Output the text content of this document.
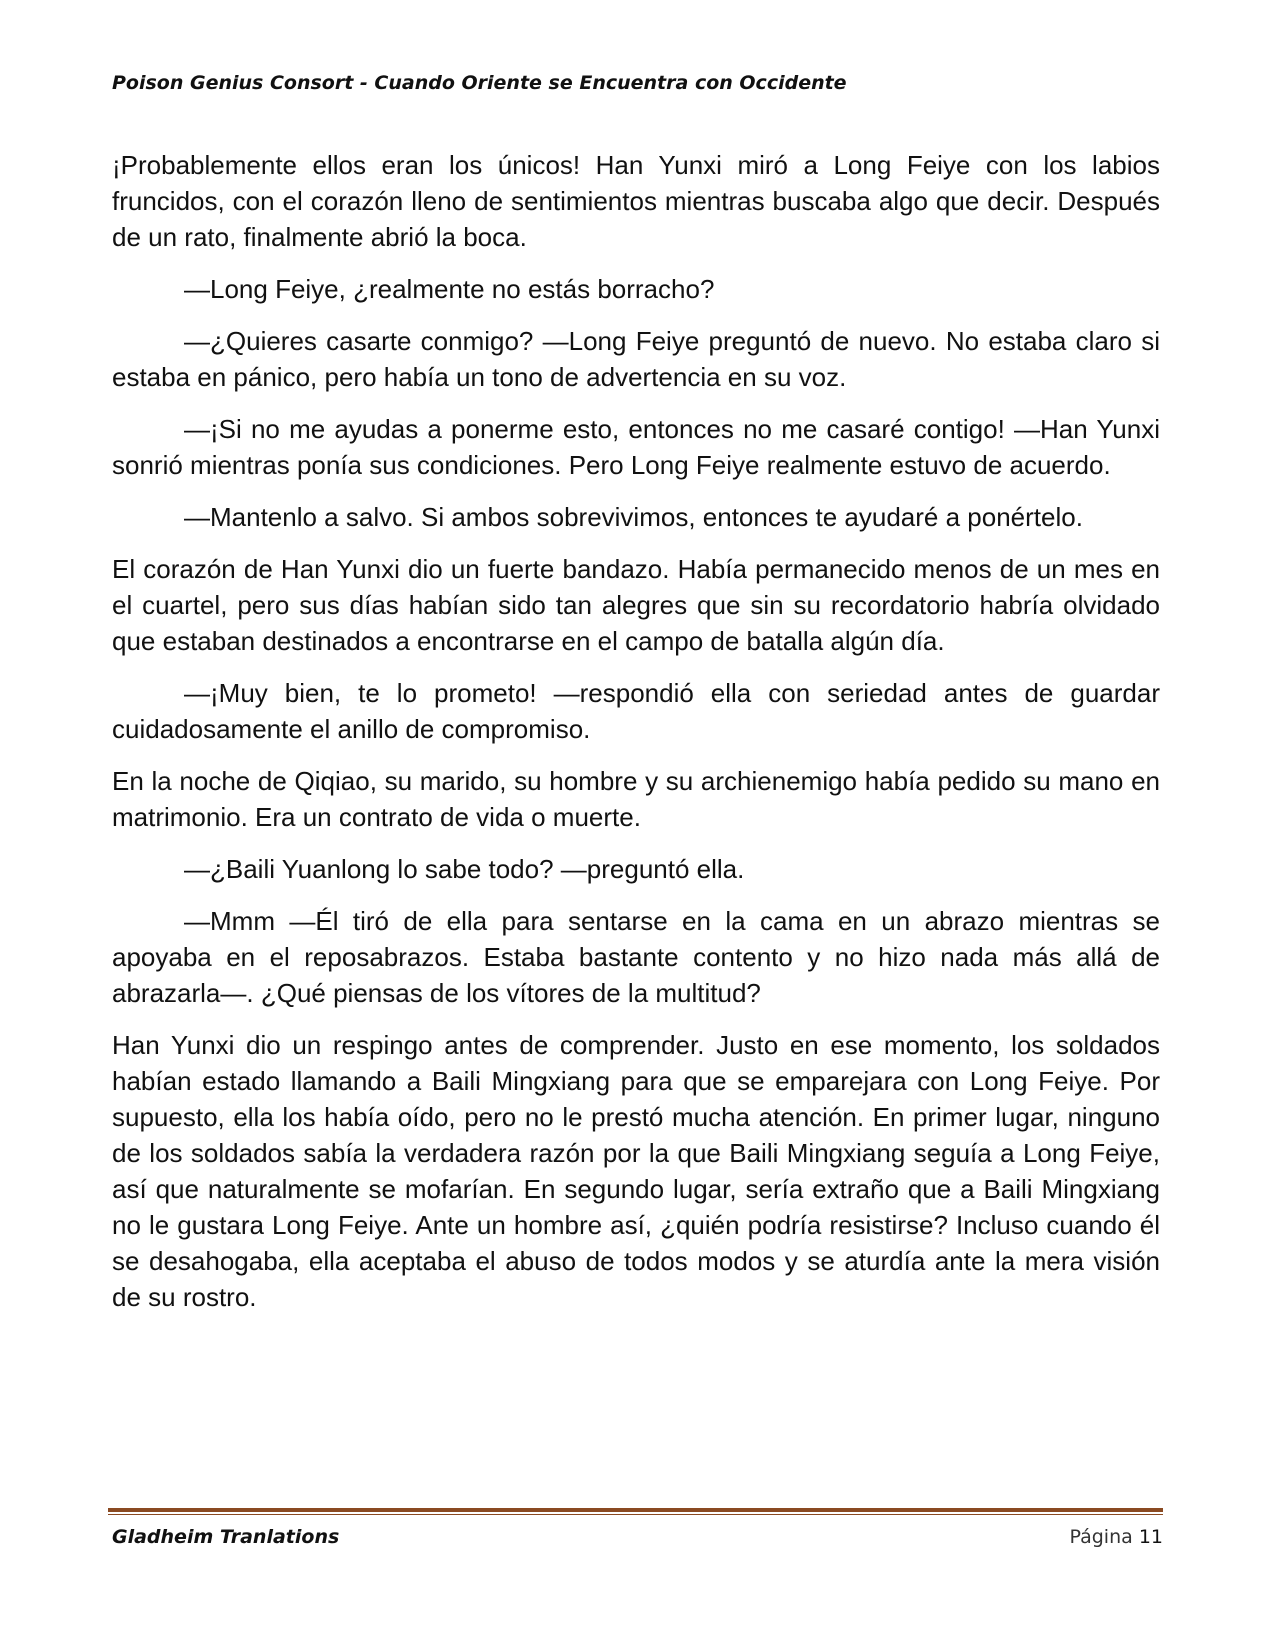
Poison Genius Consort - Cuando Oriente se Encuentra con Occidente

¡Probablemente ellos eran los únicos! Han Yunxi miró a Long Feiye con los labios fruncidos, con el corazón lleno de sentimientos mientras buscaba algo que decir. Después de un rato, finalmente abrió la boca.

—Long Feiye, ¿realmente no estás borracho?

—¿Quieres casarte conmigo? —Long Feiye preguntó de nuevo. No estaba claro si estaba en pánico, pero había un tono de advertencia en su voz.

—¡Si no me ayudas a ponerme esto, entonces no me casaré contigo! —Han Yunxi sonrió mientras ponía sus condiciones. Pero Long Feiye realmente estuvo de acuerdo.

—Mantenlo a salvo. Si ambos sobrevivimos, entonces te ayudaré a ponértelo.

El corazón de Han Yunxi dio un fuerte bandazo. Había permanecido menos de un mes en el cuartel, pero sus días habían sido tan alegres que sin su recordatorio habría olvidado que estaban destinados a encontrarse en el campo de batalla algún día.

—¡Muy bien, te lo prometo! —respondió ella con seriedad antes de guardar cuidadosamente el anillo de compromiso.

En la noche de Qiqiao, su marido, su hombre y su archienemigo había pedido su mano en matrimonio. Era un contrato de vida o muerte.

—¿Baili Yuanlong lo sabe todo? —preguntó ella.

—Mmm —Él tiró de ella para sentarse en la cama en un abrazo mientras se apoyaba en el reposabrazos. Estaba bastante contento y no hizo nada más allá de abrazarla—. ¿Qué piensas de los vítores de la multitud?

Han Yunxi dio un respingo antes de comprender. Justo en ese momento, los soldados habían estado llamando a Baili Mingxiang para que se emparejara con Long Feiye. Por supuesto, ella los había oído, pero no le prestó mucha atención. En primer lugar, ninguno de los soldados sabía la verdadera razón por la que Baili Mingxiang seguía a Long Feiye, así que naturalmente se mofarían. En segundo lugar, sería extraño que a Baili Mingxiang no le gustara Long Feiye. Ante un hombre así, ¿quién podría resistirse? Incluso cuando él se desahogaba, ella aceptaba el abuso de todos modos y se aturdía ante la mera visión de su rostro.

Gladheim Tranlations	Página 11
